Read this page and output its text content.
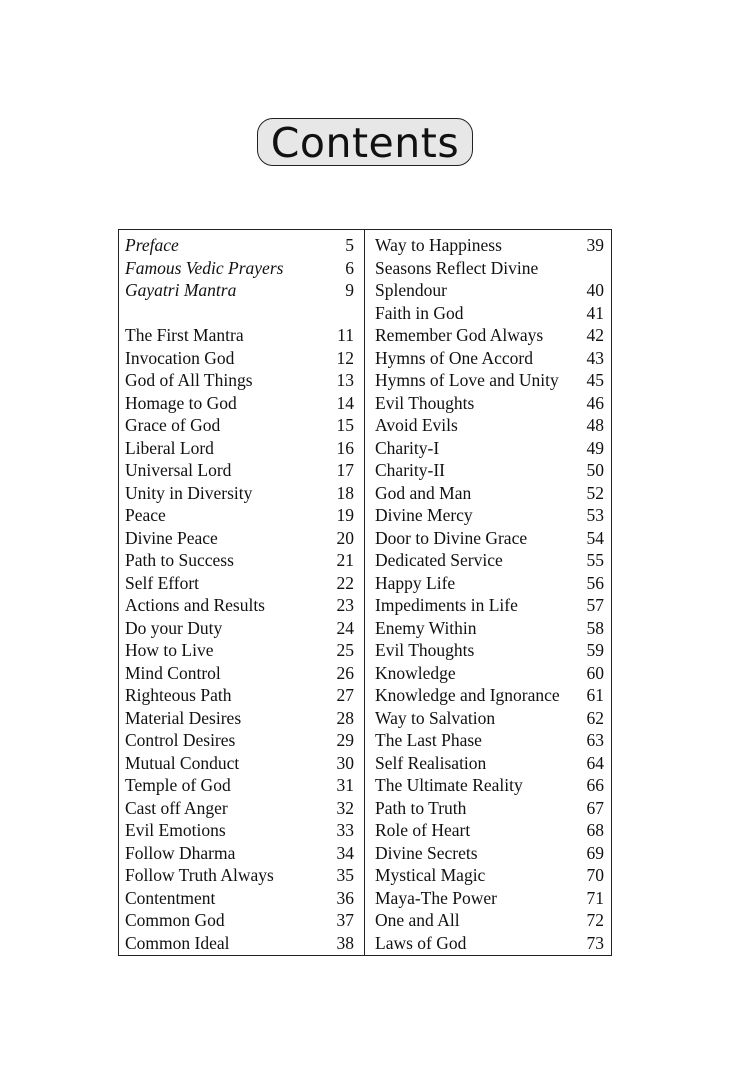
Contents
Preface	5
Famous Vedic Prayers	6
Gayatri Mantra	9
The First Mantra	11
Invocation God	12
God of All Things	13
Homage to God	14
Grace of God	15
Liberal Lord	16
Universal Lord	17
Unity in Diversity	18
Peace	19
Divine Peace	20
Path to Success	21
Self Effort	22
Actions and Results	23
Do your Duty	24
How to Live	25
Mind Control	26
Righteous Path	27
Material Desires	28
Control Desires	29
Mutual Conduct	30
Temple of God	31
Cast off Anger	32
Evil Emotions	33
Follow Dharma	34
Follow Truth Always	35
Contentment	36
Common God	37
Common Ideal	38
Way to Happiness	39
Seasons Reflect Divine
Splendour	40
Faith in God	41
Remember God Always 42
Hymns of One Accord	43
Hymns of Love and Unity 45
Evil Thoughts	46
Avoid Evils	48
Charity-I	49
Charity-II	50
God and Man	52
Divine Mercy	53
Door to Divine Grace	54
Dedicated Service	55
Happy Life	56
Impediments in Life	57
Enemy Within	58
Evil Thoughts	59
Knowledge	60
Knowledge and Ignorance 61
Way to Salvation	62
The Last Phase	63
Self Realisation	64
The Ultimate Reality	66
Path to Truth	67
Role of Heart	68
Divine Secrets	69
Mystical Magic	70
Maya-The Power	71
One and All	72
Laws of God	73
